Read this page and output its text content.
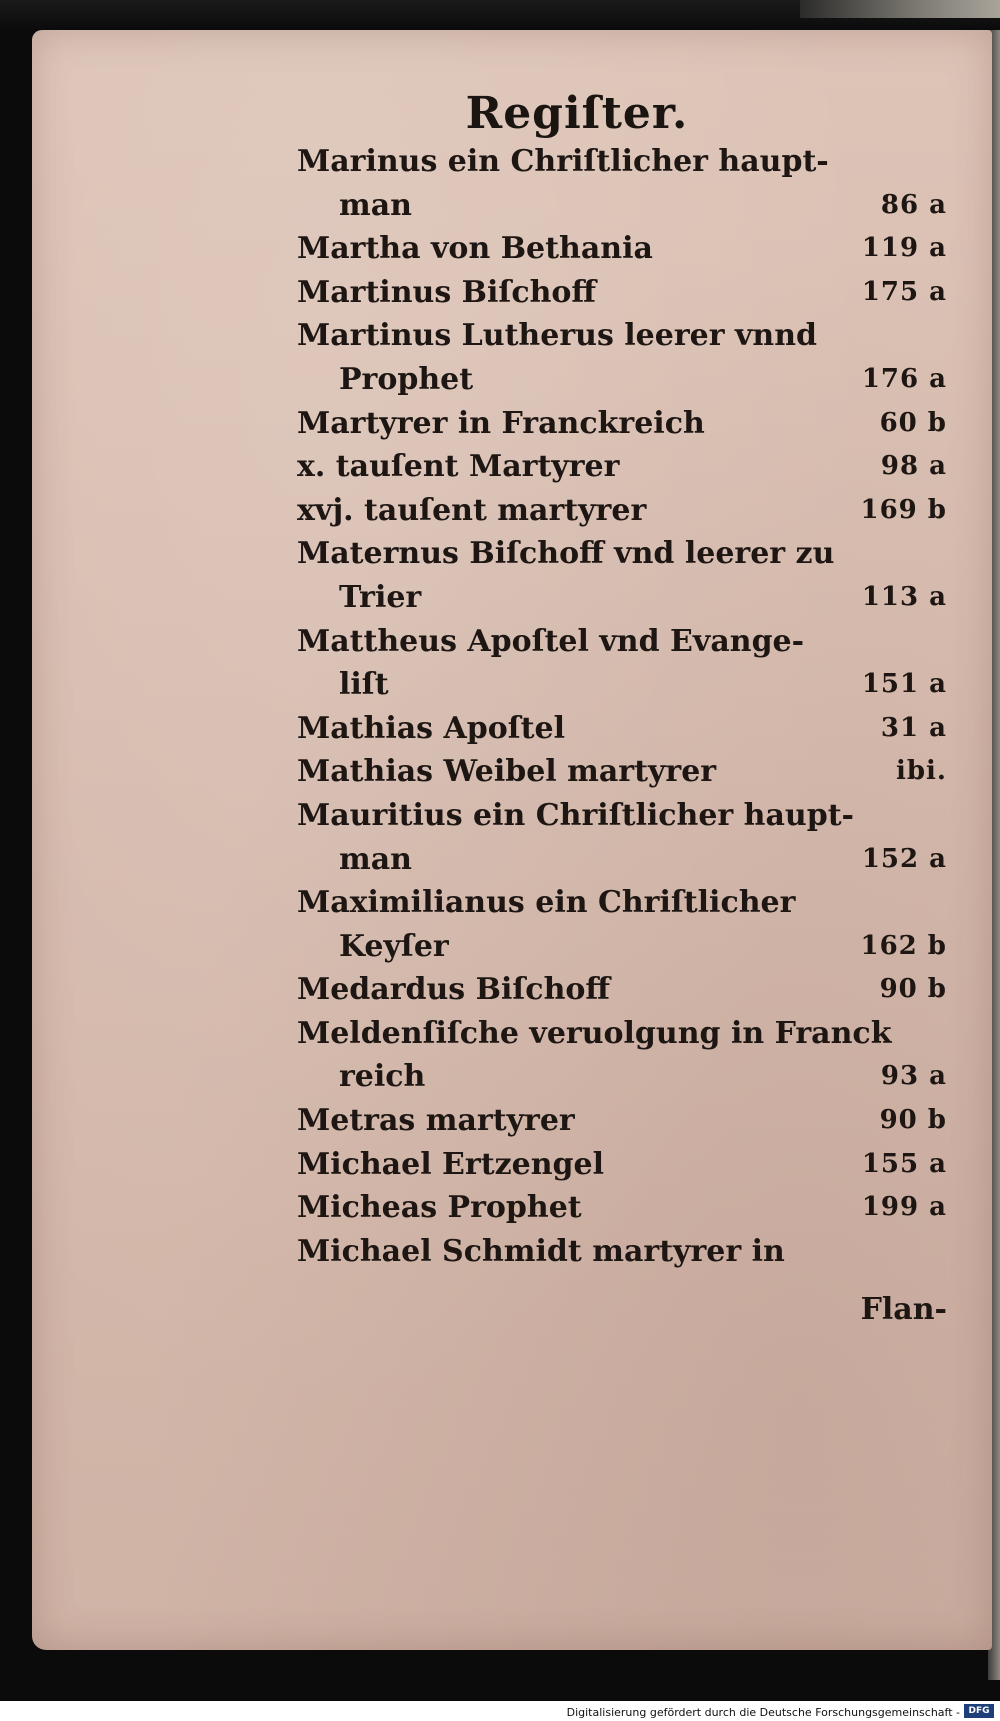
Regiſter.
Marinus ein Chriſtlicher haupt-
man	86 a
Martha von Bethania	119 a
Martinus Biſchoff	175 a
Martinus Lutherus leerer vnnd
Prophet	176 a
Martyrer in Franckreich	60 b
x. tauſent Martyrer	98 a
xvj. tauſent martyrer	169 b
Maternus Biſchoff vnd leerer zu
Trier	113 a
Mattheus Apoſtel vnd Evange-
liſt	151 a
Mathias Apoſtel	31 a
Mathias Weibel martyrer	ibi.
Mauritius ein Chriſtlicher haupt-
man	152 a
Maximilianus ein Chriſtlicher
Keyſer	162 b
Medardus Biſchoff	90 b
Meldenſiſche veruolgung in Franck
reich	93 a
Metras martyrer	90 b
Michael Ertzengel	155 a
Micheas Prophet	199 a
Michael Schmidt martyrer in
Flan-
Digitalisierung gefördert durch die Deutsche Forschungsgemeinschaft - DFG
